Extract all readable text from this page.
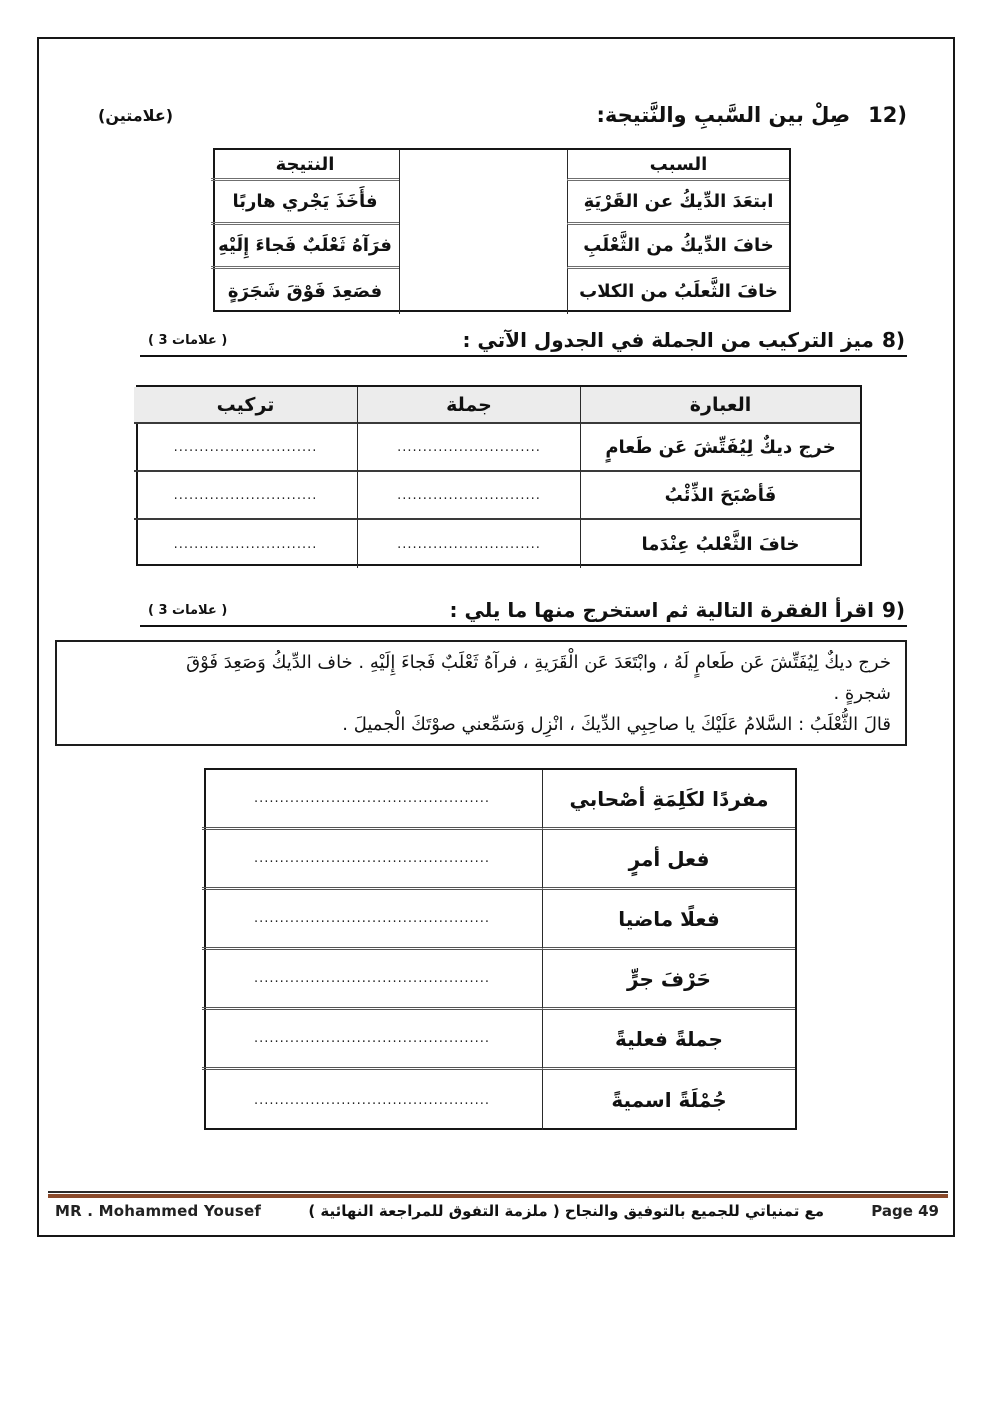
12)
صِلْ بين السَّببِ والنَّتيجة:
(علامتين)
السبب
النتيجة
ابتعَدَ الدِّيكُ عن القَرْيَةِ
فأَخَذَ يَجْري هاربًا
خافَ الدِّيكُ من الثَّعْلَبِ
فرَآهُ ثَعْلَبٌ فَجاءَ إِلَيْهِ
خافَ الثَّعلَبُ من الكلاب
فصَعِدَ فَوْقَ شَجَرَةٍ
8)
ميز التركيب من الجملة في الجدول الآتي :
( 3 علامات )
العبارة
جملة
تركيب
خرج ديكٌ لِيُفَتِّشَ عَن طَعامٍ
............................
............................
فَأصْبَحَ الذِّئْبُ
............................
............................
خافَ الثَّعْلبُ عِنْدَما
............................
............................
9)
اقرأ الفقرة التالية ثم استخرج منها ما يلي :
( 3 علامات )
خرج ديكٌ لِيُفَتِّشَ عَن طَعامٍ لَهُ ، وابْتَعَدَ عَن الْقَرَيةِ ، فرآهُ ثَعْلَبٌ فَجاءَ إِلَيْهِ . خاف الدِّيكُ وَصَعِدَ فَوْقَ
شجرةٍ .
قالَ الثُّعْلَبُ : السَّلامُ عَلَيْكَ يا صاحِبِي الدِّيكَ ، انْزِل وَسَمِّعني صوْتَكَ الْجميلَ .
مفردًا لكَلِمَةِ أصْحابي
..............................................
فعل أمرٍ
..............................................
فعلًا ماضيا
..............................................
حَرْفَ جرٍّ
..............................................
جملةً فعليةً
..............................................
جُمْلَةً اسميةً
..............................................
MR . Mohammed Yousef	مع تمنياتي للجميع بالتوفيق والنجاح ( ملزمة التفوق للمراجعة النهائية )	Page 49
